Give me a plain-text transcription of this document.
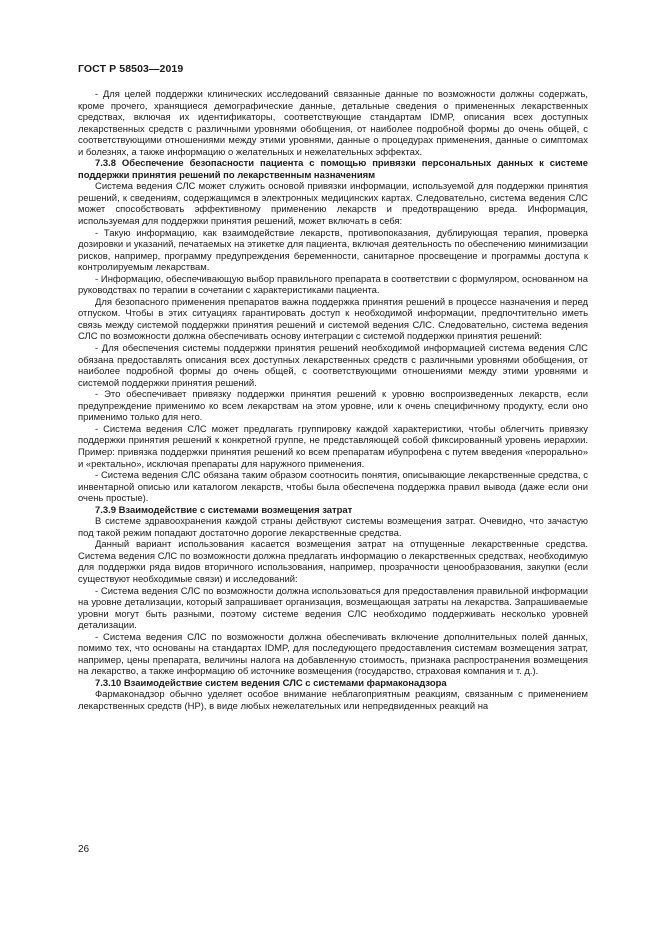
ГОСТ Р 58503—2019

- Для целей поддержки клинических исследований связанные данные по возможности должны содержать, кроме прочего, хранящиеся демографические данные, детальные сведения о примененных лекарственных средствах, включая их идентификаторы, соответствующие стандартам IDMP, описания всех доступных лекарственных средств с различными уровнями обобщения, от наиболее подробной формы до очень общей, с соответствующими отношениями между этими уровнями, данные о процедурах применения, данные о симптомах и болезнях, а также информацию о желательных и нежелательных эффектах.

7.3.8 Обеспечение безопасности пациента с помощью привязки персональных данных к системе поддержки принятия решений по лекарственным назначениям

Система ведения СЛС может служить основой привязки информации, используемой для поддержки принятия решений, к сведениям, содержащимся в электронных медицинских картах. Следовательно, система ведения СЛС может способствовать эффективному применению лекарств и предотвращению вреда. Информация, используемая для поддержки принятия решений, может включать в себя:

- Такую информацию, как взаимодействие лекарств, противопоказания, дублирующая терапия, проверка дозировки и указаний, печатаемых на этикетке для пациента, включая деятельность по обеспечению минимизации рисков, например, программу предупреждения беременности, санитарное просвещение и программы доступа к контролируемым лекарствам.

- Информацию, обеспечивающую выбор правильного препарата в соответствии с формуляром, основанном на руководствах по терапии в сочетании с характеристиками пациента.

Для безопасного применения препаратов важна поддержка принятия решений в процессе назначения и перед отпуском. Чтобы в этих ситуациях гарантировать доступ к необходимой информации, предпочтительно иметь связь между системой поддержки принятия решений и системой ведения СЛС. Следовательно, система ведения СЛС по возможности должна обеспечивать основу интеграции с системой поддержки принятия решений:

- Для обеспечения системы поддержки принятия решений необходимой информацией система ведения СЛС обязана предоставлять описания всех доступных лекарственных средств с различными уровнями обобщения, от наиболее подробной формы до очень общей, с соответствующими отношениями между этими уровнями и системой поддержки принятия решений.

- Это обеспечивает привязку поддержки принятия решений к уровню воспроизведенных лекарств, если предупреждение применимо ко всем лекарствам на этом уровне, или к очень специфичному продукту, если оно применимо только для него.

- Система ведения СЛС может предлагать группировку каждой характеристики, чтобы облегчить привязку поддержки принятия решений к конкретной группе, не представляющей собой фиксированный уровень иерархии. Пример: привязка поддержки принятия решений ко всем препаратам ибупрофена с путем введения «перорально» и «ректально», исключая препараты для наружного применения.

- Система ведения СЛС обязана таким образом соотносить понятия, описывающие лекарственные средства, с инвентарной описью или каталогом лекарств, чтобы была обеспечена поддержка правил вывода (даже если они очень простые).

7.3.9 Взаимодействие с системами возмещения затрат

В системе здравоохранения каждой страны действуют системы возмещения затрат. Очевидно, что зачастую под такой режим попадают достаточно дорогие лекарственные средства.

Данный вариант использования касается возмещения затрат на отпущенные лекарственные средства. Система ведения СЛС по возможности должна предлагать информацию о лекарственных средствах, необходимую для поддержки ряда видов вторичного использования, например, прозрачности ценообразования, закупки (если существуют необходимые связи) и исследований:

- Система ведения СЛС по возможности должна использоваться для предоставления правильной информации на уровне детализации, который запрашивает организация, возмещающая затраты на лекарства. Запрашиваемые уровни могут быть разными, поэтому системе ведения СЛС необходимо поддерживать несколько уровней детализации.

- Система ведения СЛС по возможности должна обеспечивать включение дополнительных полей данных, помимо тех, что основаны на стандартах IDMP, для последующего предоставления системам возмещения затрат, например, цены препарата, величины налога на добавленную стоимость, признака распространения возмещения на лекарство, а также информацию об источнике возмещения (государство, страховая компания и т. д.).

7.3.10 Взаимодействие систем ведения СЛС с системами фармаконадзора

Фармаконадзор обычно уделяет особое внимание неблагоприятным реакциям, связанным с применением лекарственных средств (НР), в виде любых нежелательных или непредвиденных реакций на

26
